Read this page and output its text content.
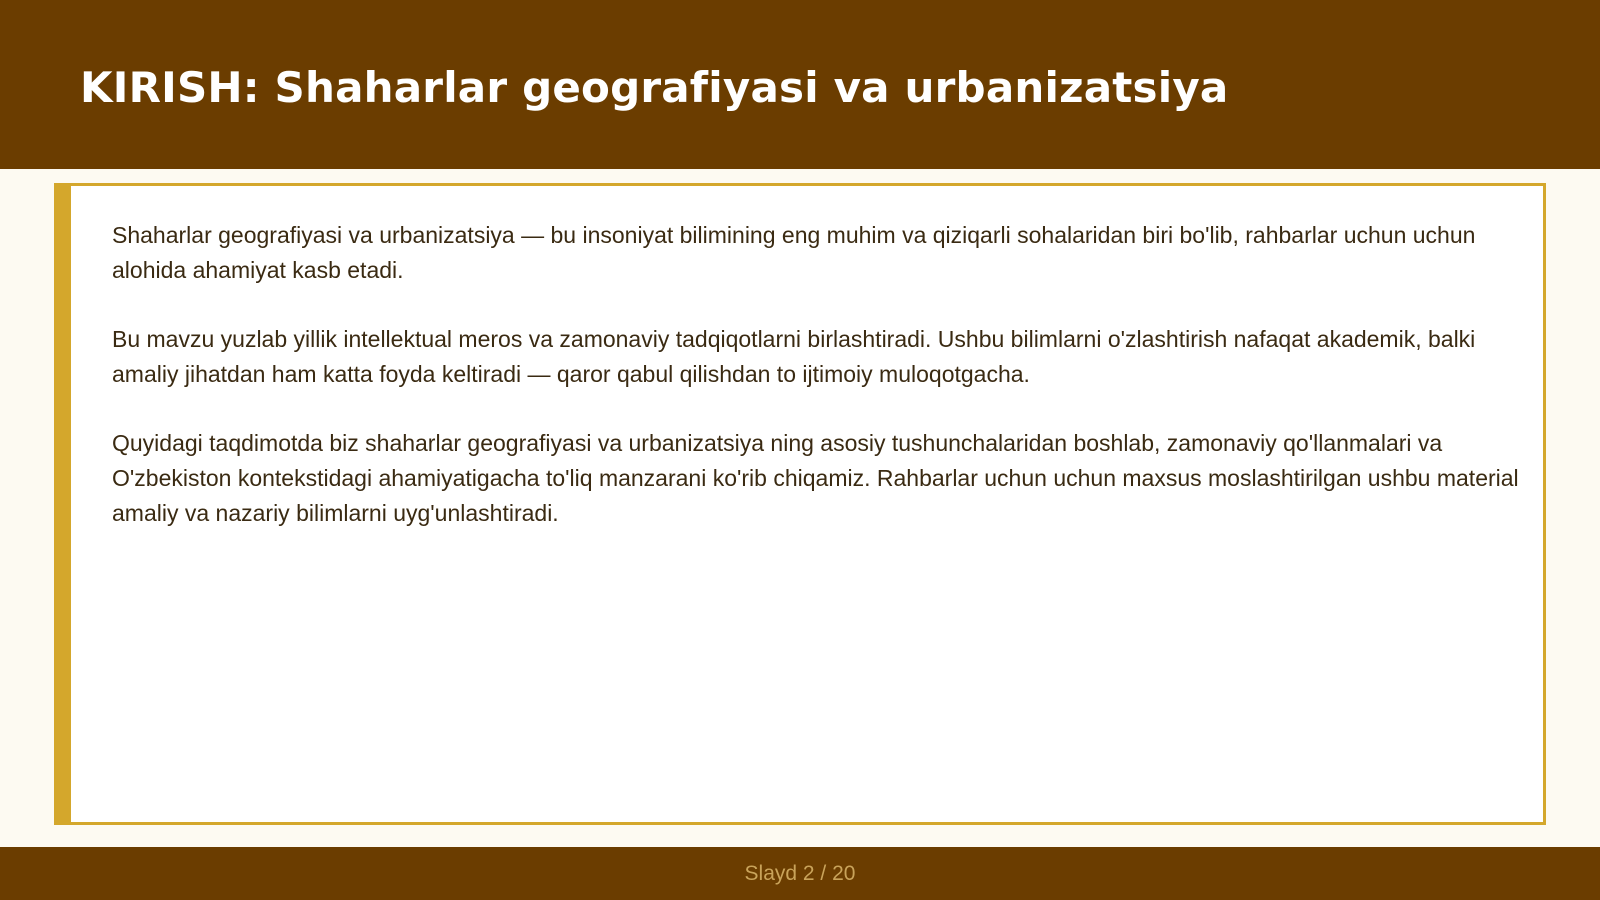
KIRISH: Shaharlar geografiyasi va urbanizatsiya

Shaharlar geografiyasi va urbanizatsiya — bu insoniyat bilimining eng muhim va qiziqarli sohalaridan biri bo'lib, rahbarlar uchun uchun alohida ahamiyat kasb etadi.

Bu mavzu yuzlab yillik intellektual meros va zamonaviy tadqiqotlarni birlashtiradi. Ushbu bilimlarni o'zlashtirish nafaqat akademik, balki amaliy jihatdan ham katta foyda keltiradi — qaror qabul qilishdan to ijtimoiy muloqotgacha.

Quyidagi taqdimotda biz shaharlar geografiyasi va urbanizatsiya ning asosiy tushunchalaridan boshlab, zamonaviy qo'llanmalari va O'zbekiston kontekstidagi ahamiyatigacha to'liq manzarani ko'rib chiqamiz. Rahbarlar uchun uchun maxsus moslashtirilgan ushbu material amaliy va nazariy bilimlarni uyg'unlashtiradi.

Slayd 2 / 20
